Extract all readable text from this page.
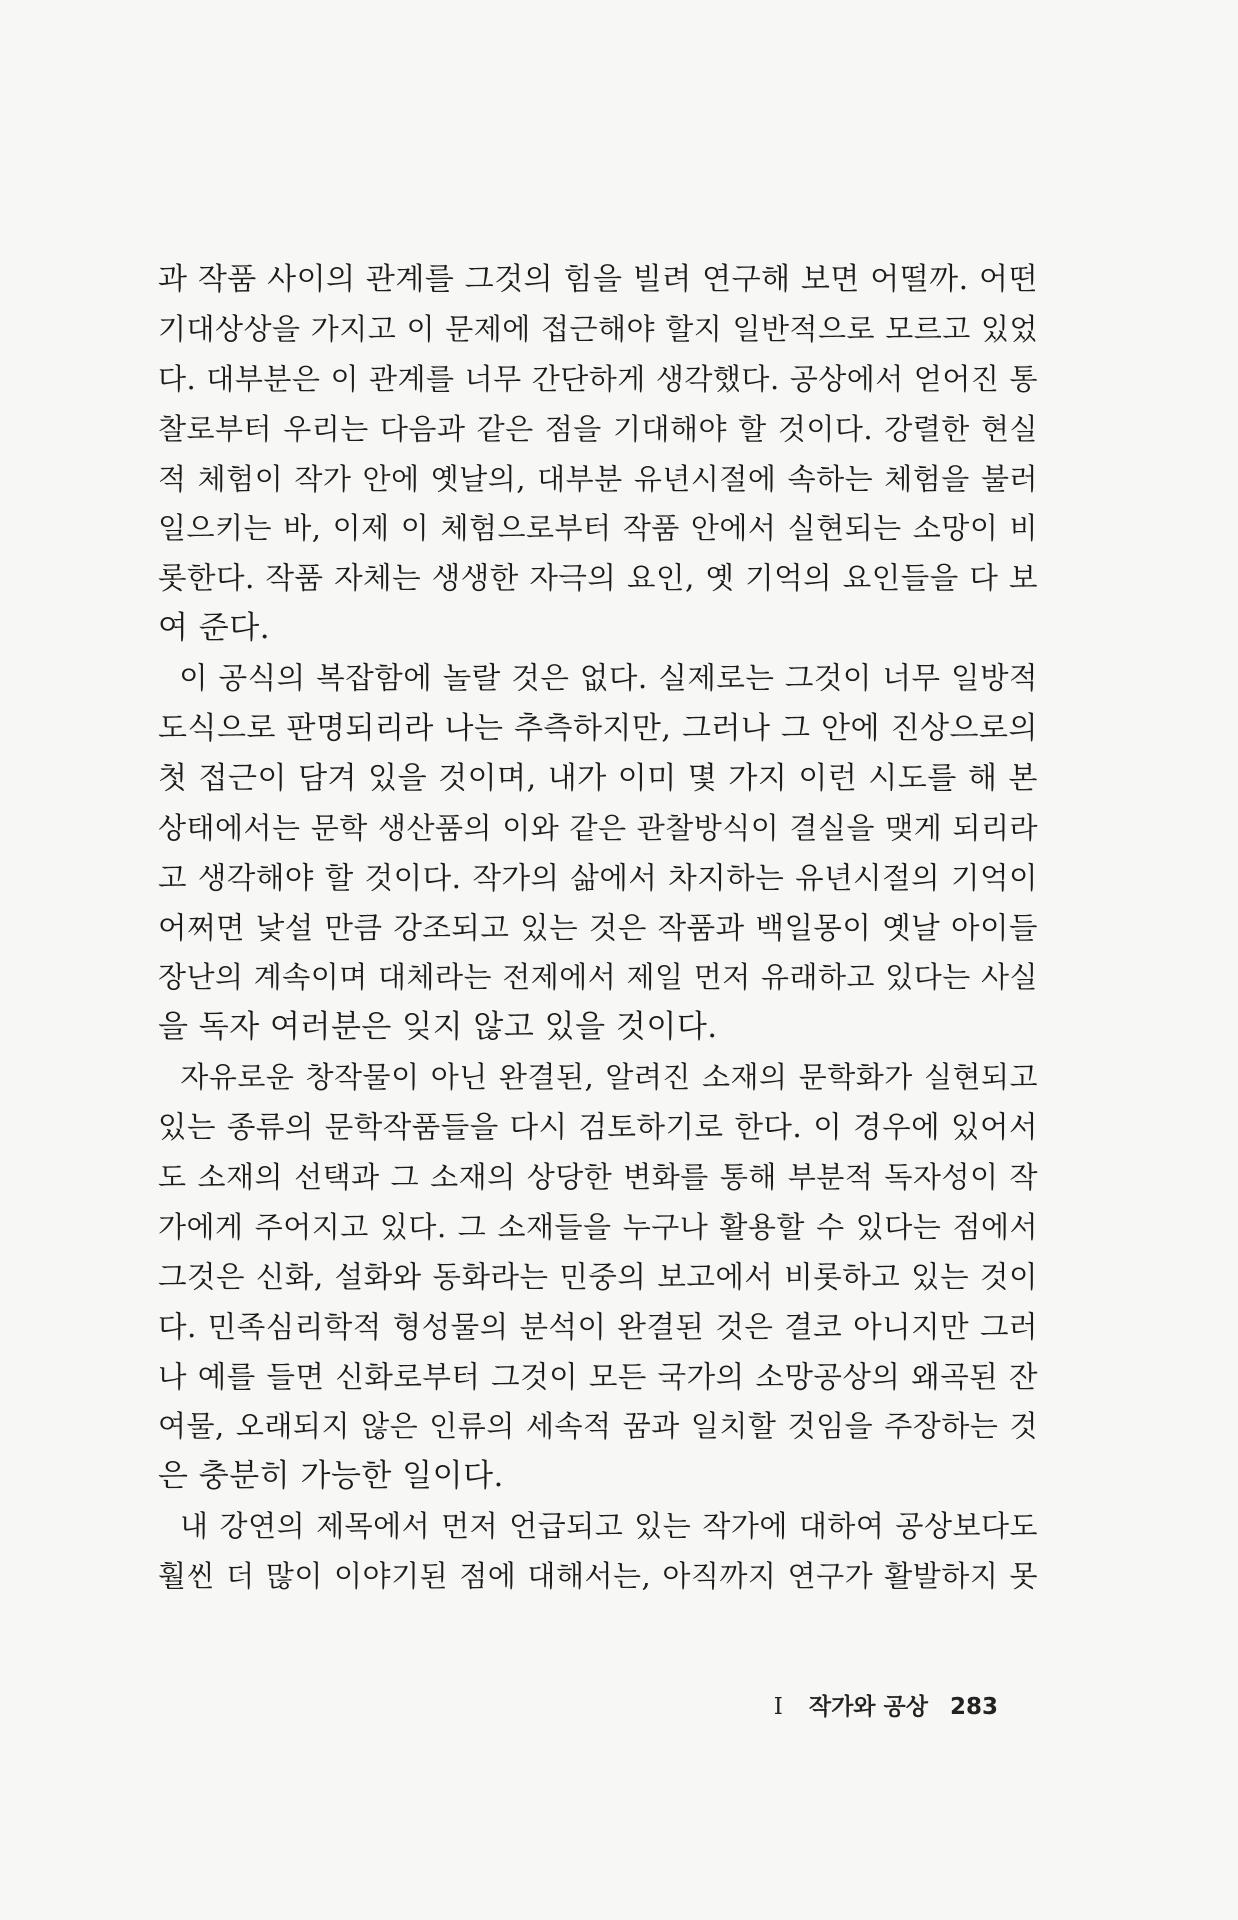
과 작품 사이의 관계를 그것의 힘을 빌려 연구해 보면 어떨까. 어떤
기대상상을 가지고 이 문제에 접근해야 할지 일반적으로 모르고 있었
다. 대부분은 이 관계를 너무 간단하게 생각했다. 공상에서 얻어진 통
찰로부터 우리는 다음과 같은 점을 기대해야 할 것이다. 강렬한 현실
적 체험이 작가 안에 옛날의, 대부분 유년시절에 속하는 체험을 불러
일으키는 바, 이제 이 체험으로부터 작품 안에서 실현되는 소망이 비
롯한다. 작품 자체는 생생한 자극의 요인, 옛 기억의 요인들을 다 보
여 준다.
이 공식의 복잡함에 놀랄 것은 없다. 실제로는 그것이 너무 일방적
도식으로 판명되리라 나는 추측하지만, 그러나 그 안에 진상으로의
첫 접근이 담겨 있을 것이며, 내가 이미 몇 가지 이런 시도를 해 본
상태에서는 문학 생산품의 이와 같은 관찰방식이 결실을 맺게 되리라
고 생각해야 할 것이다. 작가의 삶에서 차지하는 유년시절의 기억이
어쩌면 낯설 만큼 강조되고 있는 것은 작품과 백일몽이 옛날 아이들
장난의 계속이며 대체라는 전제에서 제일 먼저 유래하고 있다는 사실
을 독자 여러분은 잊지 않고 있을 것이다.
자유로운 창작물이 아닌 완결된, 알려진 소재의 문학화가 실현되고
있는 종류의 문학작품들을 다시 검토하기로 한다. 이 경우에 있어서
도 소재의 선택과 그 소재의 상당한 변화를 통해 부분적 독자성이 작
가에게 주어지고 있다. 그 소재들을 누구나 활용할 수 있다는 점에서
그것은 신화, 설화와 동화라는 민중의 보고에서 비롯하고 있는 것이
다. 민족심리학적 형성물의 분석이 완결된 것은 결코 아니지만 그러
나 예를 들면 신화로부터 그것이 모든 국가의 소망공상의 왜곡된 잔
여물, 오래되지 않은 인류의 세속적 꿈과 일치할 것임을 주장하는 것
은 충분히 가능한 일이다.
내 강연의 제목에서 먼저 언급되고 있는 작가에 대하여 공상보다도
훨씬 더 많이 이야기된 점에 대해서는, 아직까지 연구가 활발하지 못
I 작가와 공상 283
